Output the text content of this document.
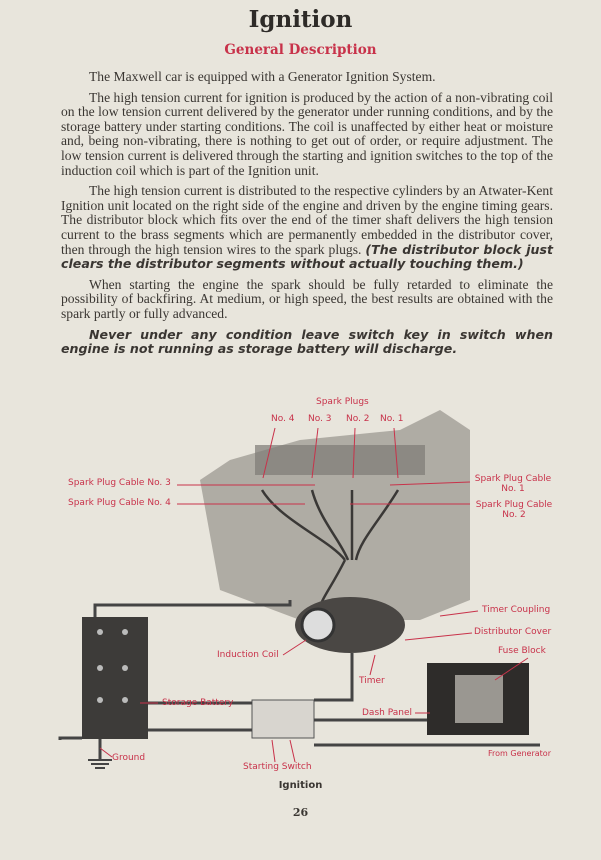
Ignition
General Description

The Maxwell car is equipped with a Generator Ignition System.

The high tension current for ignition is produced by the action of a non-vibrating coil on the low tension current delivered by the generator under running conditions, and by the storage battery under starting conditions. The coil is unaffected by either heat or moisture and, being non-vibrating, there is nothing to get out of order, or require adjustment. The low tension current is delivered through the starting and ignition switches to the top of the induction coil which is part of the Ignition unit.

The high tension current is distributed to the respective cylinders by an Atwater-Kent Ignition unit located on the right side of the engine and driven by the engine timing gears. The distributor block which fits over the end of the timer shaft delivers the high tension current to the brass segments which are permanently embedded in the distributor cover, then through the high tension wires to the spark plugs. (The distributor block just clears the distributor segments without actually touching them.)

When starting the engine the spark should be fully retarded to eliminate the possibility of backfiring. At medium, or high speed, the best results are obtained with the spark partly or fully advanced.

Never under any condition leave switch key in switch when engine is not running as storage battery will discharge.

Spark Plugs
No. 4 No. 3 No. 2 No. 1
Spark Plug Cable No. 3
Spark Plug Cable No. 4
Spark Plug Cable No. 1
Spark Plug Cable No. 2
Timer Coupling
Distributor Cover
Fuse Block
Induction Coil
Timer
Storage Battery
Dash Panel
Ground
Starting Switch
From Generator
Ignition
26
